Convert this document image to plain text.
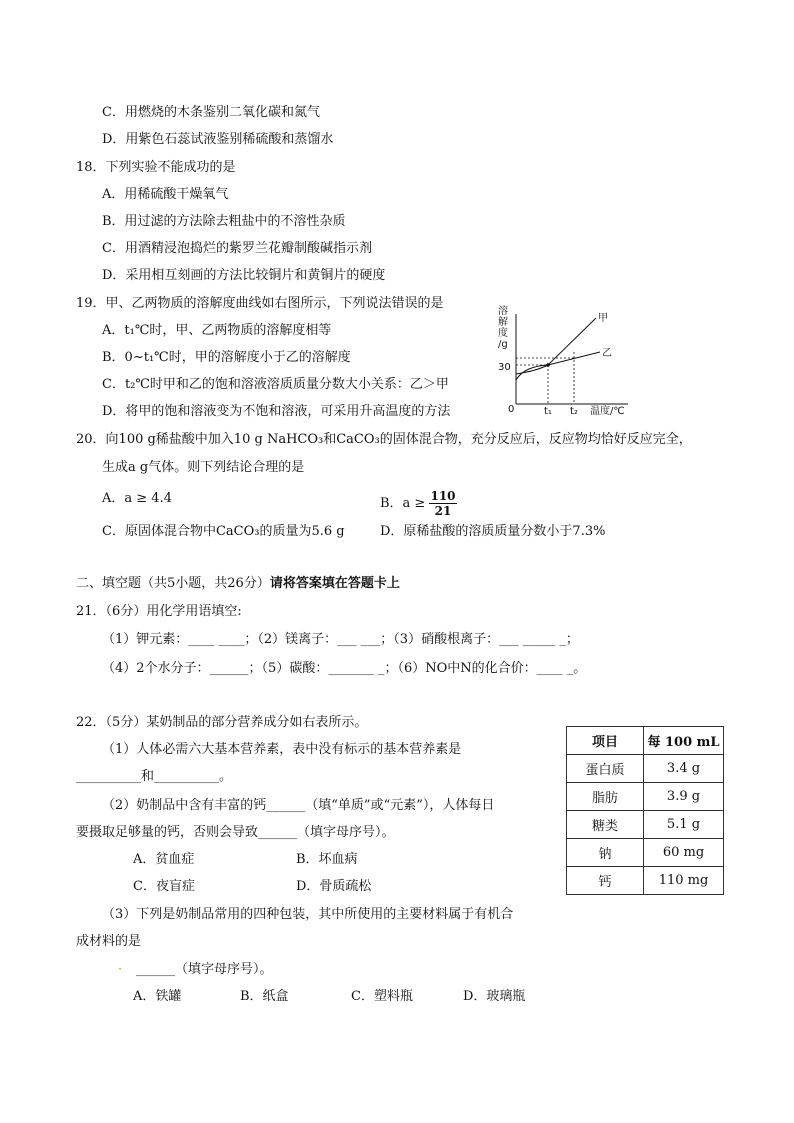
C．用燃烧的木条鉴别二氧化碳和氮气
D．用紫色石蕊试液鉴别稀硫酸和蒸馏水
18．下列实验不能成功的是
A．用稀硫酸干燥氧气
B．用过滤的方法除去粗盐中的不溶性杂质
C．用酒精浸泡捣烂的紫罗兰花瓣制酸碱指示剂
D．采用相互刻画的方法比较铜片和黄铜片的硬度
19．甲、乙两物质的溶解度曲线如右图所示，下列说法错误的是
A．t₁℃时，甲、乙两物质的溶解度相等
B．0~t₁℃时，甲的溶解度小于乙的溶解度
C．t₂℃时甲和乙的饱和溶液溶质质量分数大小关系：乙＞甲
D．将甲的饱和溶液变为不饱和溶液，可采用升高温度的方法
溶
解
度
/g
30
0	t₁ t₂ 温度/℃
甲
乙
20．向100 g稀盐酸中加入10 g NaHCO₃和CaCO₃的固体混合物，充分反应后，反应物均恰好反应完全，
生成a g气体。则下列结论合理的是
A．a ≥ 4.4	B．$a \ge \frac{110}{21}$
C．原固体混合物中CaCO₃的质量为5.6 g	D．原稀盐酸的溶质质量分数小于7.3%
二、填空题（共5小题，共26分）请将答案填在答题卡上
21．（6分）用化学用语填空:
（1）钾元素：____ ____；（2）镁离子：___ ___；（3）硝酸根离子：___ _____ _；
（4）2个水分子：______；（5）碳酸：_______ _；（6）NO中N的化合价：____ _。
22．（5分）某奶制品的部分营养成分如右表所示。
（1）人体必需六大基本营养素，表中没有标示的基本营养素是
__________和__________。
（2）奶制品中含有丰富的钙______（填“单质”或“元素”），人体每日
要摄取足够量的钙，否则会导致______（填字母序号）。
A．贫血症	B．坏血病
C．夜盲症	D．骨质疏松
（3）下列是奶制品常用的四种包装，其中所使用的主要材料属于有机合
成材料的是
· ______（填字母序号）。
A．铁罐	B．纸盒	C．塑料瓶	D．玻璃瓶
项目	每 100 mL
蛋白质	3.4 g
脂肪	3.9 g
糖类	5.1 g
钠	60 mg
钙	110 mg
